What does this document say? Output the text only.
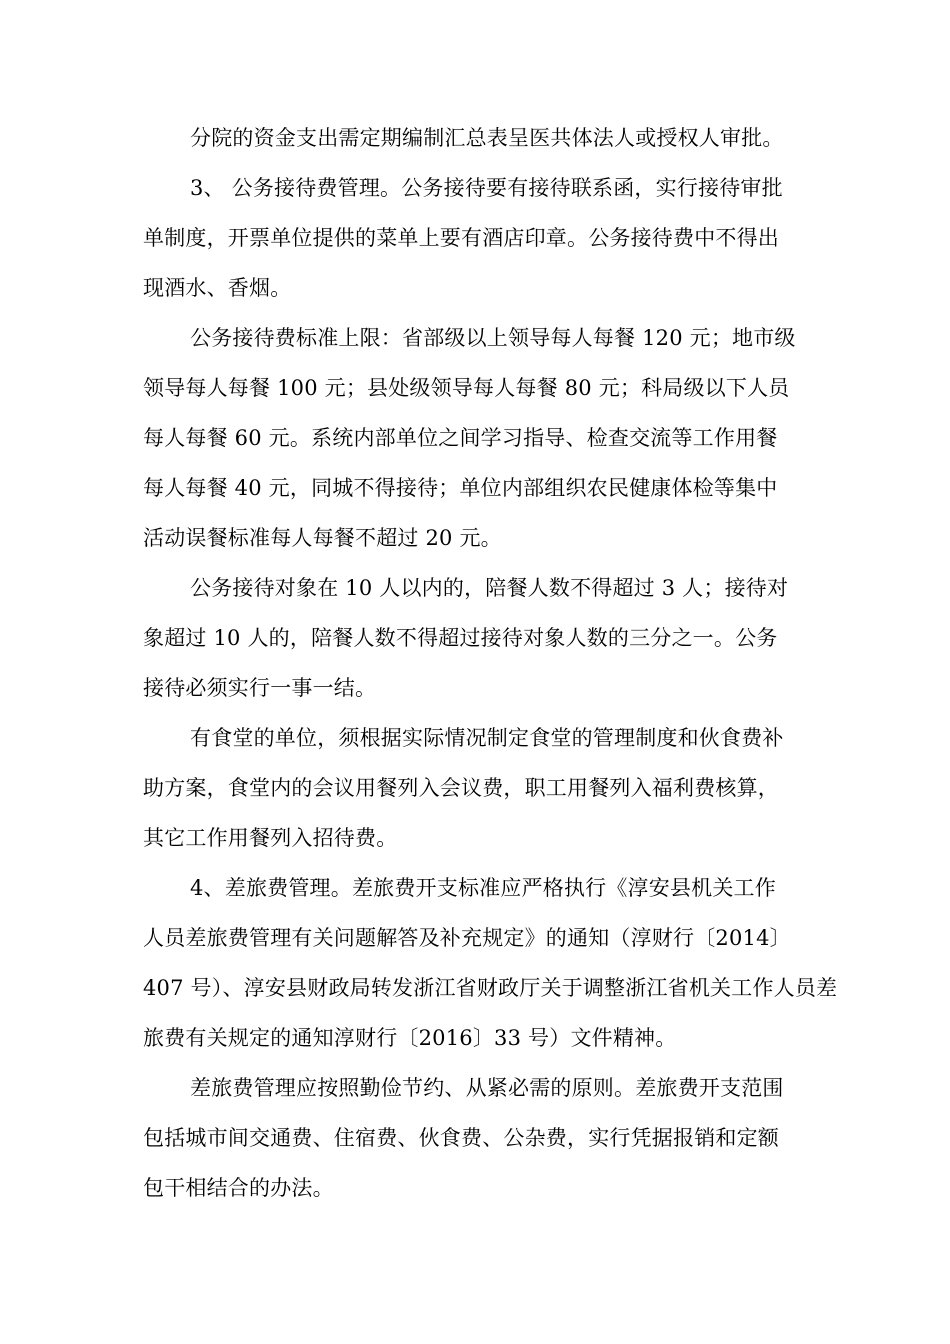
分院的资金支出需定期编制汇总表呈医共体法人或授权人审批。
3、 公务接待费管理。公务接待要有接待联系函，实行接待审批
单制度，开票单位提供的菜单上要有酒店印章。公务接待费中不得出
现酒水、香烟。
公务接待费标准上限：省部级以上领导每人每餐 120 元；地市级
领导每人每餐 100 元；县处级领导每人每餐 80 元；科局级以下人员
每人每餐 60 元。系统内部单位之间学习指导、检查交流等工作用餐
每人每餐 40 元，同城不得接待；单位内部组织农民健康体检等集中
活动误餐标准每人每餐不超过 20 元。
公务接待对象在 10 人以内的，陪餐人数不得超过 3 人；接待对
象超过 10 人的，陪餐人数不得超过接待对象人数的三分之一。公务
接待必须实行一事一结。
有食堂的单位，须根据实际情况制定食堂的管理制度和伙食费补
助方案，食堂内的会议用餐列入会议费，职工用餐列入福利费核算，
其它工作用餐列入招待费。
4、差旅费管理。差旅费开支标准应严格执行《淳安县机关工作
人员差旅费管理有关问题解答及补充规定》的通知（淳财行〔2014〕
407 号）、淳安县财政局转发浙江省财政厅关于调整浙江省机关工作人员差
旅费有关规定的通知淳财行〔2016〕33 号）文件精神。
差旅费管理应按照勤俭节约、从紧必需的原则。差旅费开支范围
包括城市间交通费、住宿费、伙食费、公杂费，实行凭据报销和定额
包干相结合的办法。
